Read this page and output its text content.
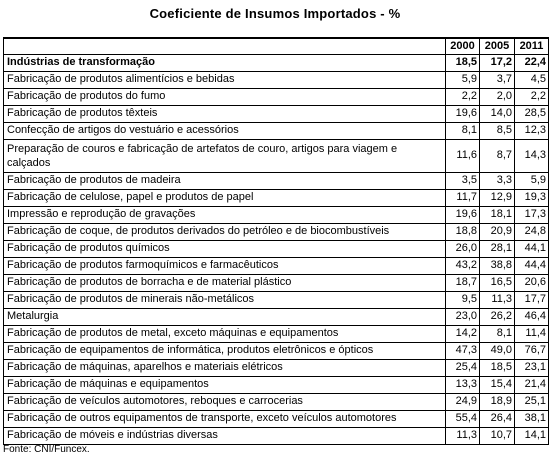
Coeficiente de Insumos Importados - %
	2000	2005	2011
Indústrias de transformação	18,5	17,2	22,4
Fabricação de produtos alimentícios e bebidas	5,9	3,7	4,5
Fabricação de produtos do fumo	2,2	2,0	2,2
Fabricação de produtos têxteis	19,6	14,0	28,5
Confecção de artigos do vestuário e acessórios	8,1	8,5	12,3
Preparação de couros e fabricação de artefatos de couro, artigos para viagem e calçados	11,6	8,7	14,3
Fabricação de produtos de madeira	3,5	3,3	5,9
Fabricação de celulose, papel e produtos de papel	11,7	12,9	19,3
Impressão e reprodução de gravações	19,6	18,1	17,3
Fabricação de coque, de produtos derivados do petróleo e de biocombustíveis	18,8	20,9	24,8
Fabricação de produtos químicos	26,0	28,1	44,1
Fabricação de produtos farmoquímicos e farmacêuticos	43,2	38,8	44,4
Fabricação de produtos de borracha e de material plástico	18,7	16,5	20,6
Fabricação de produtos de minerais não-metálicos	9,5	11,3	17,7
Metalurgia	23,0	26,2	46,4
Fabricação de produtos de metal, exceto máquinas e equipamentos	14,2	8,1	11,4
Fabricação de equipamentos de informática, produtos eletrônicos e ópticos	47,3	49,0	76,7
Fabricação de máquinas, aparelhos e materiais elétricos	25,4	18,5	23,1
Fabricação de máquinas e equipamentos	13,3	15,4	21,4
Fabricação de veículos automotores, reboques e carrocerias	24,9	18,9	25,1
Fabricação de outros equipamentos de transporte, exceto veículos automotores	55,4	26,4	38,1
Fabricação de móveis e indústrias diversas	11,3	10,7	14,1
Fonte: CNI/Funcex.
